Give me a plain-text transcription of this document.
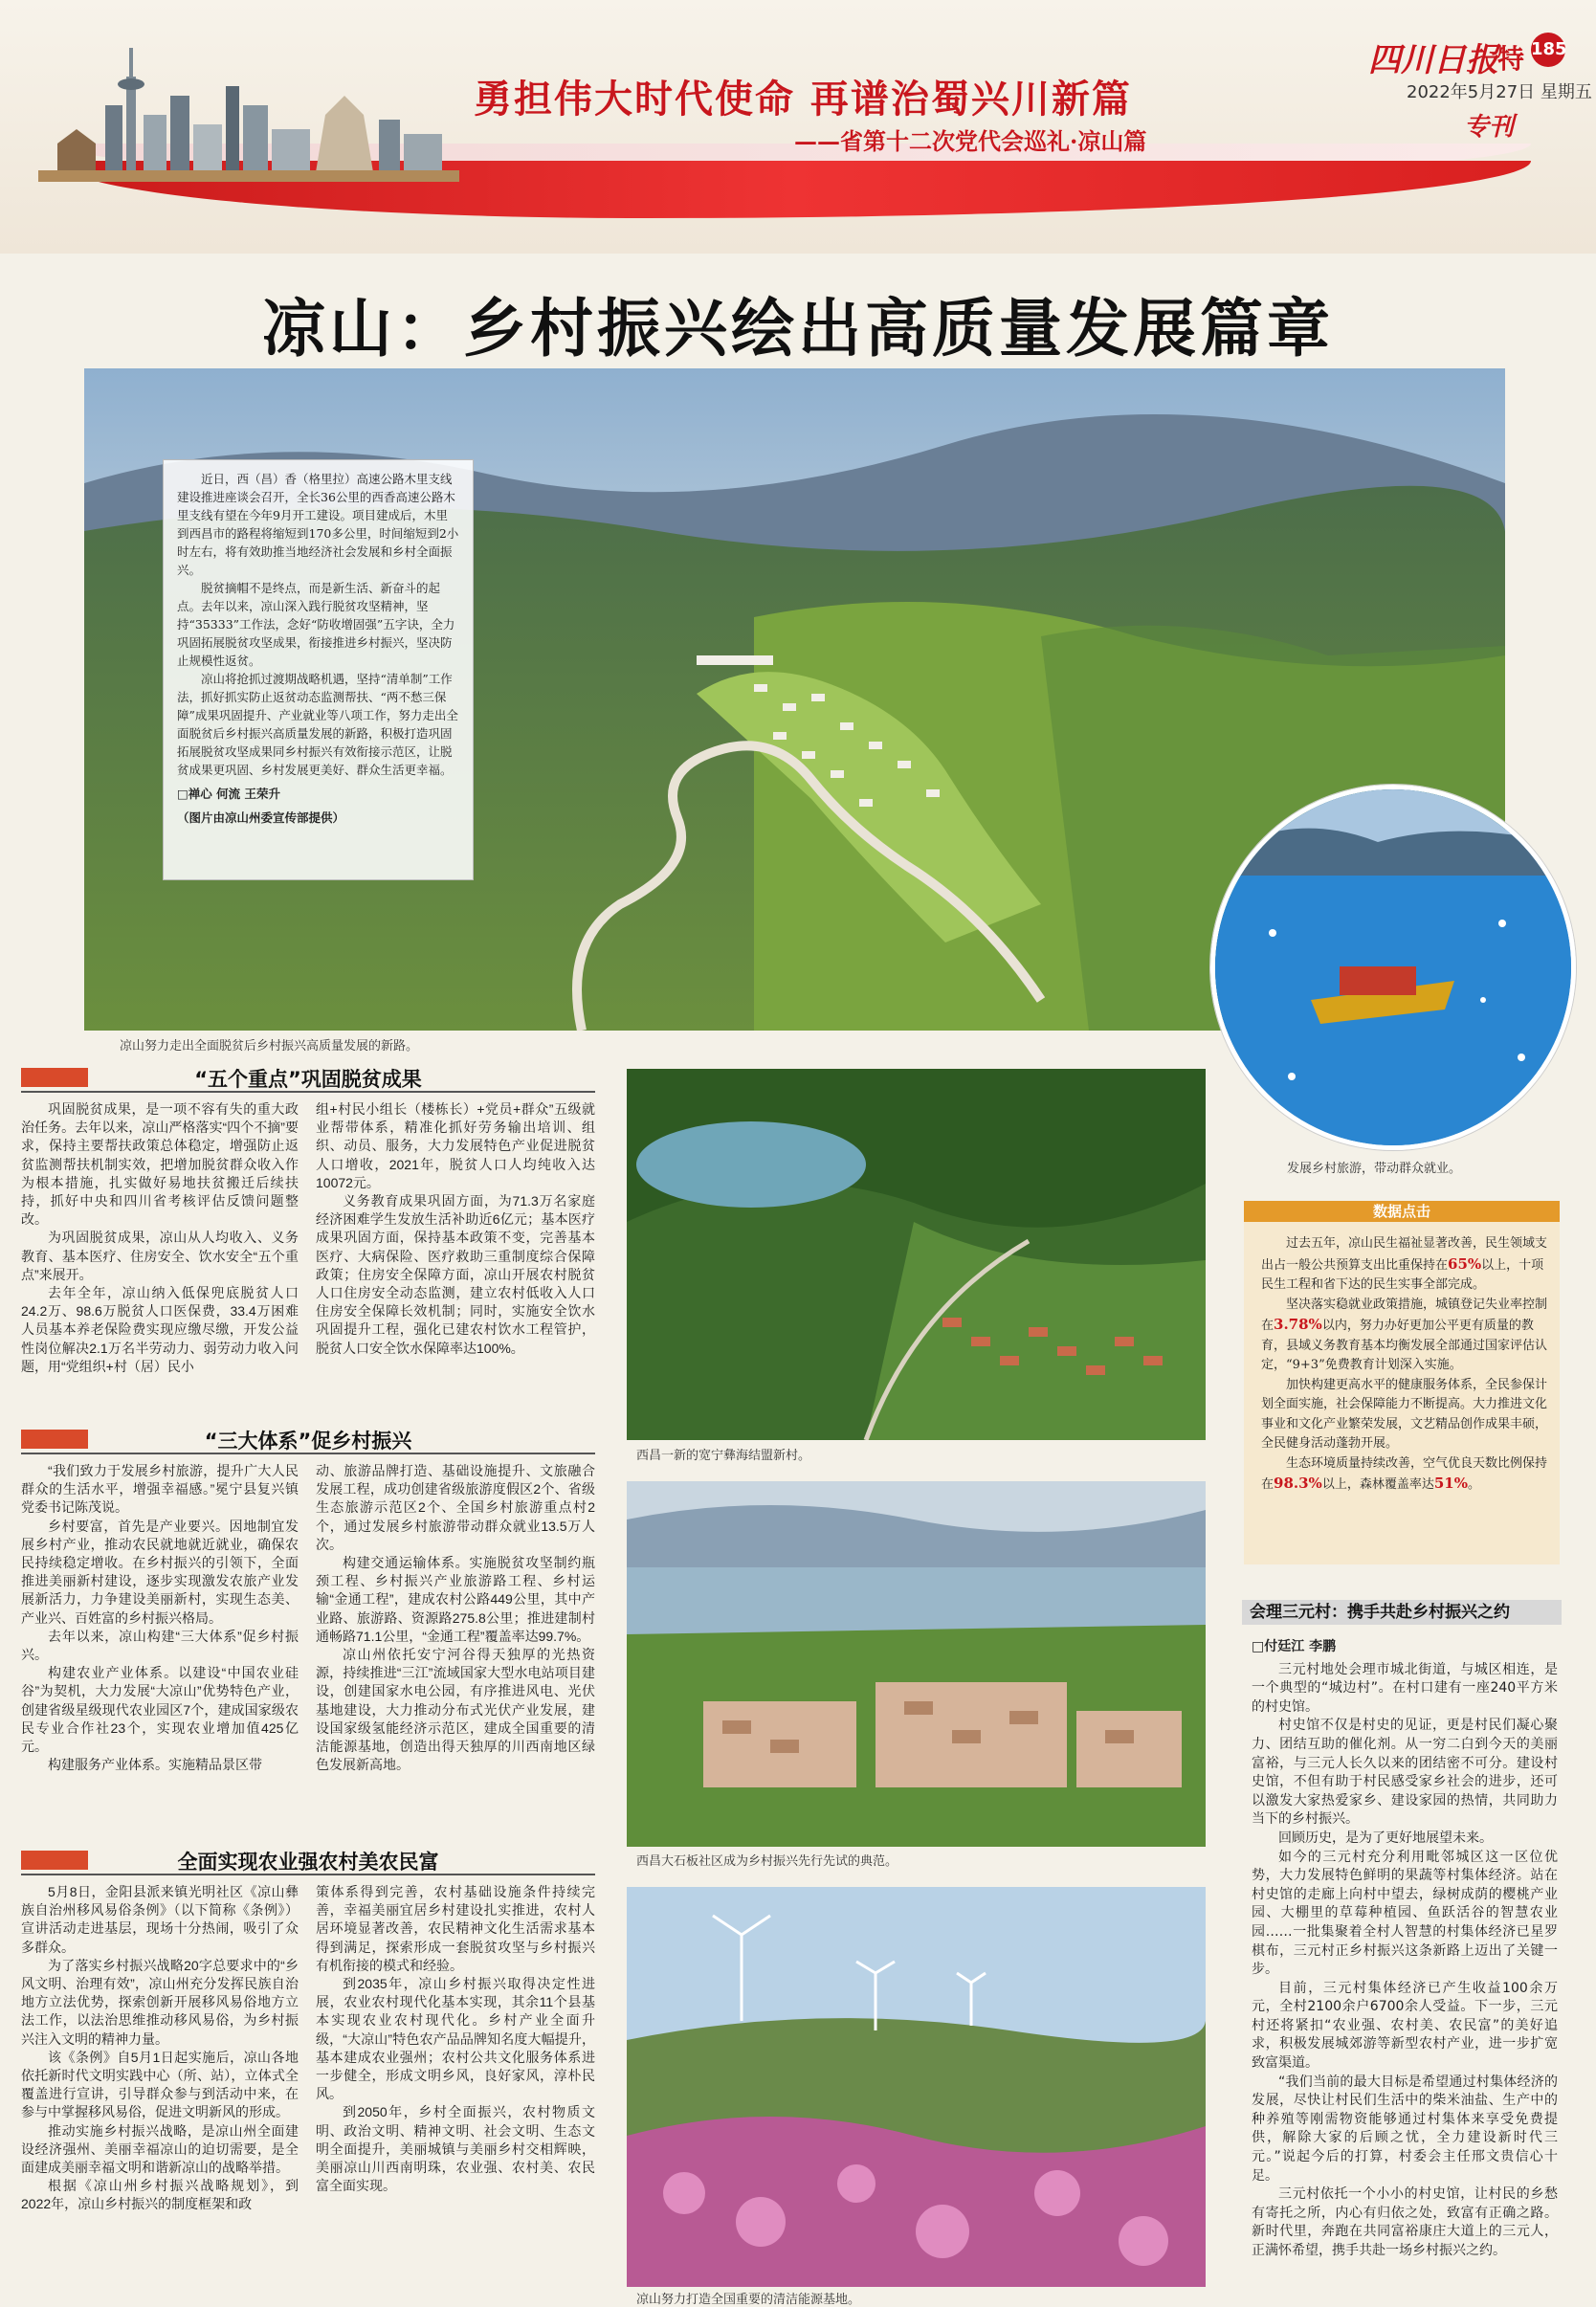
勇担伟大时代使命 再谱治蜀兴川新篇
——省第十二次党代会巡礼·凉山篇
四川日报 特 185
2022年5月27日 星期五
专刊
凉山：乡村振兴绘出高质量发展篇章

近日，西（昌）香（格里拉）高速公路木里支线建设推进座谈会召开，全长36公里的西香高速公路木里支线有望在今年9月开工建设。项目建成后，木里到西昌市的路程将缩短到170多公里，时间缩短到2小时左右，将有效助推当地经济社会发展和乡村全面振兴。

脱贫摘帽不是终点，而是新生活、新奋斗的起点。去年以来，凉山深入践行脱贫攻坚精神，坚持“35333”工作法，念好“防收增固强”五字诀，全力巩固拓展脱贫攻坚成果，衔接推进乡村振兴，坚决防止规模性返贫。

凉山将抢抓过渡期战略机遇，坚持“清单制”工作法，抓好抓实防止返贫动态监测帮扶、“两不愁三保障”成果巩固提升、产业就业等八项工作，努力走出全面脱贫后乡村振兴高质量发展的新路，积极打造巩固拓展脱贫攻坚成果同乡村振兴有效衔接示范区，让脱贫成果更巩固、乡村发展更美好、群众生活更幸福。

□禅心 何流 王荣升
（图片由凉山州委宣传部提供）
凉山努力走出全面脱贫后乡村振兴高质量发展的新路。
发展乡村旅游，带动群众就业。
“五个重点”巩固脱贫成果

巩固脱贫成果，是一项不容有失的重大政治任务。去年以来，凉山严格落实“四个不摘”要求，保持主要帮扶政策总体稳定，增强防止返贫监测帮扶机制实效，把增加脱贫群众收入作为根本措施，扎实做好易地扶贫搬迁后续扶持，抓好中央和四川省考核评估反馈问题整改。

为巩固脱贫成果，凉山从人均收入、义务教育、基本医疗、住房安全、饮水安全“五个重点”来展开。

去年全年，凉山纳入低保兜底脱贫人口24.2万、98.6万脱贫人口医保费，33.4万困难人员基本养老保险费实现应缴尽缴，开发公益性岗位解决2.1万名半劳动力、弱劳动力收入问题，用“党组织+村（居）民小

组+村民小组长（楼栋长）+党员+群众”五级就业帮带体系，精准化抓好劳务输出培训、组织、动员、服务，大力发展特色产业促进脱贫人口增收，2021年，脱贫人口人均纯收入达10072元。

义务教育成果巩固方面，为71.3万名家庭经济困难学生发放生活补助近6亿元；基本医疗成果巩固方面，保持基本政策不变，完善基本医疗、大病保险、医疗救助三重制度综合保障政策；住房安全保障方面，凉山开展农村脱贫人口住房安全动态监测，建立农村低收入人口住房安全保障长效机制；同时，实施安全饮水巩固提升工程，强化已建农村饮水工程管护，脱贫人口安全饮水保障率达100%。

“三大体系”促乡村振兴

“我们致力于发展乡村旅游，提升广大人民群众的生活水平，增强幸福感。”冕宁县复兴镇党委书记陈茂说。

乡村要富，首先是产业要兴。因地制宜发展乡村产业，推动农民就地就近就业，确保农民持续稳定增收。在乡村振兴的引领下，全面推进美丽新村建设，逐步实现激发农旅产业发展新活力，力争建设美丽新村，实现生态美、产业兴、百姓富的乡村振兴格局。

去年以来，凉山构建“三大体系”促乡村振兴。

构建农业产业体系。以建设“中国农业硅谷”为契机，大力发展“大凉山”优势特色产业，创建省级星级现代农业园区7个，建成国家级农民专业合作社23个，实现农业增加值425亿元。

构建服务产业体系。实施精品景区带

动、旅游品牌打造、基础设施提升、文旅融合发展工程，成功创建省级旅游度假区2个、省级生态旅游示范区2个、全国乡村旅游重点村2个，通过发展乡村旅游带动群众就业13.5万人次。

构建交通运输体系。实施脱贫攻坚制约瓶颈工程、乡村振兴产业旅游路工程、乡村运输“金通工程”，建成农村公路449公里，其中产业路、旅游路、资源路275.8公里；推进建制村通畅路71.1公里，“金通工程”覆盖率达99.7%。

凉山州依托安宁河谷得天独厚的光热资源，持续推进“三江”流域国家大型水电站项目建设，创建国家水电公园，有序推进风电、光伏基地建设，大力推动分布式光伏产业发展，建设国家级氢能经济示范区，建成全国重要的清洁能源基地，创造出得天独厚的川西南地区绿色发展新高地。

全面实现农业强农村美农民富

5月8日，金阳县派来镇光明社区《凉山彝族自治州移风易俗条例》（以下简称《条例》）宣讲活动走进基层，现场十分热闹，吸引了众多群众。

为了落实乡村振兴战略20字总要求中的“乡风文明、治理有效”，凉山州充分发挥民族自治地方立法优势，探索创新开展移风易俗地方立法工作，以法治思维推动移风易俗，为乡村振兴注入文明的精神力量。

该《条例》自5月1日起实施后，凉山各地依托新时代文明实践中心（所、站），立体式全覆盖进行宣讲，引导群众参与到活动中来，在参与中掌握移风易俗，促进文明新风的形成。

推动实施乡村振兴战略，是凉山州全面建设经济强州、美丽幸福凉山的迫切需要，是全面建成美丽幸福文明和谐新凉山的战略举措。

根据《凉山州乡村振兴战略规划》，到2022年，凉山乡村振兴的制度框架和政

策体系得到完善，农村基础设施条件持续完善，幸福美丽宜居乡村建设扎实推进，农村人居环境显著改善，农民精神文化生活需求基本得到满足，探索形成一套脱贫攻坚与乡村振兴有机衔接的模式和经验。

到2035年，凉山乡村振兴取得决定性进展，农业农村现代化基本实现，其余11个县基本实现农业农村现代化。乡村产业全面升级，“大凉山”特色农产品品牌知名度大幅提升，基本建成农业强州；农村公共文化服务体系进一步健全，形成文明乡风，良好家风，淳朴民风。

到2050年，乡村全面振兴，农村物质文明、政治文明、精神文明、社会文明、生态文明全面提升，美丽城镇与美丽乡村交相辉映，美丽凉山川西南明珠，农业强、农村美、农民富全面实现。

西昌一新的宽宁彝海结盟新村。
西昌大石板社区成为乡村振兴先行先试的典范。
凉山努力打造全国重要的清洁能源基地。
数据点击

过去五年，凉山民生福祉显著改善，民生领域支出占一般公共预算支出比重保持在65%以上，十项民生工程和省下达的民生实事全部完成。

坚决落实稳就业政策措施，城镇登记失业率控制在3.78%以内，努力办好更加公平更有质量的教育，县域义务教育基本均衡发展全部通过国家评估认定，“9+3”免费教育计划深入实施。

加快构建更高水平的健康服务体系，全民参保计划全面实施，社会保障能力不断提高。大力推进文化事业和文化产业繁荣发展，文艺精品创作成果丰硕，全民健身活动蓬勃开展。

生态环境质量持续改善，空气优良天数比例保持在98.3%以上，森林覆盖率达51%。

会理三元村：携手共赴乡村振兴之约

□付廷江 李鹏

三元村地处会理市城北街道，与城区相连，是一个典型的“城边村”。在村口建有一座240平方米的村史馆。

村史馆不仅是村史的见证，更是村民们凝心聚力、团结互助的催化剂。从一穷二白到今天的美丽富裕，与三元人长久以来的团结密不可分。建设村史馆，不但有助于村民感受家乡社会的进步，还可以激发大家热爱家乡、建设家园的热情，共同助力当下的乡村振兴。

回顾历史，是为了更好地展望未来。

如今的三元村充分利用毗邻城区这一区位优势，大力发展特色鲜明的果蔬等村集体经济。站在村史馆的走廊上向村中望去，绿树成荫的樱桃产业园、大棚里的草莓种植园、鱼跃活谷的智慧农业园……一批集聚着全村人智慧的村集体经济已星罗棋布，三元村正乡村振兴这条新路上迈出了关键一步。

目前，三元村集体经济已产生收益100余万元，全村2100余户6700余人受益。下一步，三元村还将紧扣“农业强、农村美、农民富”的美好追求，积极发展城郊游等新型农村产业，进一步扩宽致富渠道。

“我们当前的最大目标是希望通过村集体经济的发展，尽快让村民们生活中的柴米油盐、生产中的种养殖等刚需物资能够通过村集体来享受免费提供，解除大家的后顾之忧，全力建设新时代三元。”说起今后的打算，村委会主任邢文贵信心十足。

三元村依托一个小小的村史馆，让村民的乡愁有寄托之所，内心有归依之处，致富有正确之路。新时代里，奔跑在共同富裕康庄大道上的三元人，正满怀希望，携手共赴一场乡村振兴之约。
